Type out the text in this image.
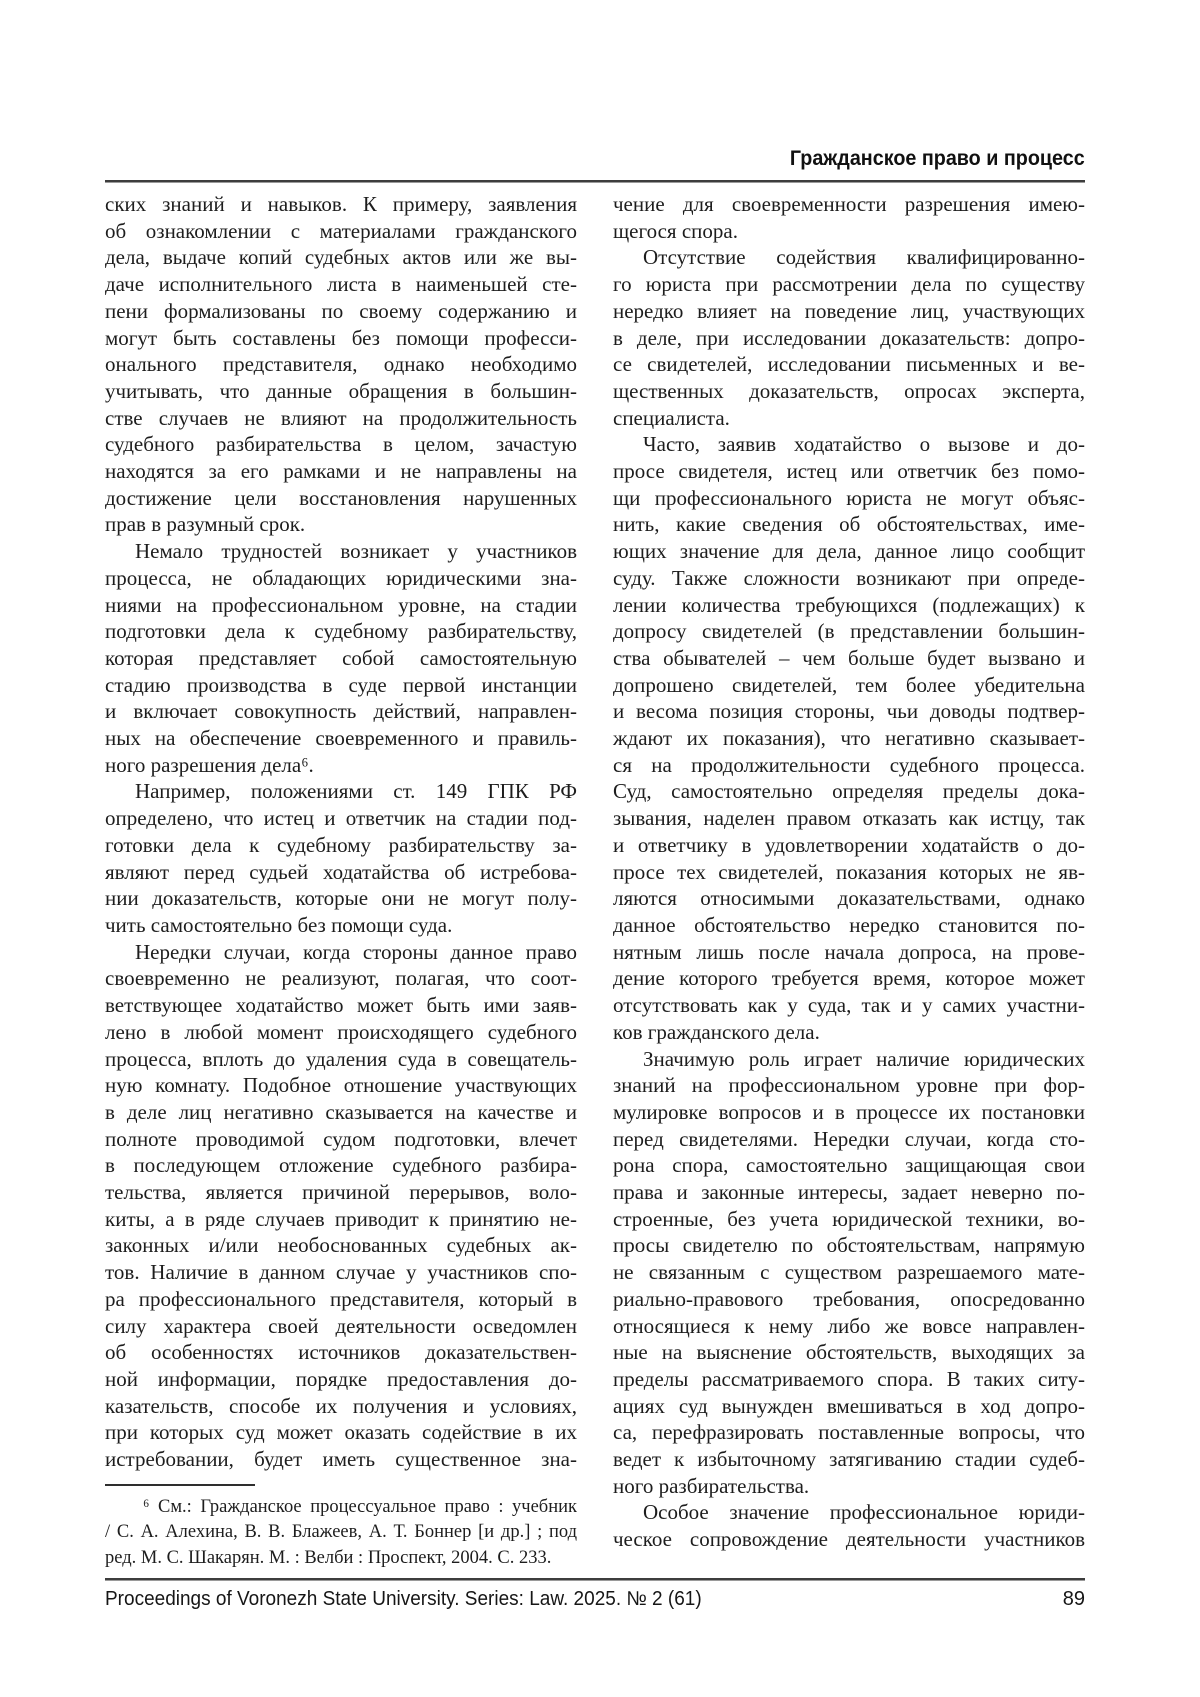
Гражданское право и процесс
ских знаний и навыков. К примеру, заявления
об ознакомлении с материалами гражданского
дела, выдаче копий судебных актов или же вы-
даче исполнительного листа в наименьшей сте-
пени формализованы по своему содержанию и
могут быть составлены без помощи професси-
онального представителя, однако необходимо
учитывать, что данные обращения в большин-
стве случаев не влияют на продолжительность
судебного разбирательства в целом, зачастую
находятся за его рамками и не направлены на
достижение цели восстановления нарушенных
прав в разумный срок.
Немало трудностей возникает у участников
процесса, не обладающих юридическими зна-
ниями на профессиональном уровне, на стадии
подготовки дела к судебному разбирательству,
которая представляет собой самостоятельную
стадию производства в суде первой инстанции
и включает совокупность действий, направлен-
ных на обеспечение своевременного и правиль-
ного разрешения дела⁶.
Например, положениями ст. 149 ГПК РФ
определено, что истец и ответчик на стадии под-
готовки дела к судебному разбирательству за-
являют перед судьей ходатайства об истребова-
нии доказательств, которые они не могут полу-
чить самостоятельно без помощи суда.
Нередки случаи, когда стороны данное право
своевременно не реализуют, полагая, что соот-
ветствующее ходатайство может быть ими заяв-
лено в любой момент происходящего судебного
процесса, вплоть до удаления суда в совещатель-
ную комнату. Подобное отношение участвующих
в деле лиц негативно сказывается на качестве и
полноте проводимой судом подготовки, влечет
в последующем отложение судебного разбира-
тельства, является причиной перерывов, воло-
киты, а в ряде случаев приводит к принятию не-
законных и/или необоснованных судебных ак-
тов. Наличие в данном случае у участников спо-
ра профессионального представителя, который в
силу характера своей деятельности осведомлен
об особенностях источников доказательствен-
ной информации, порядке предоставления до-
казательств, способе их получения и условиях,
при которых суд может оказать содействие в их
истребовании, будет иметь существенное зна-
⁶ См.: Гражданское процессуальное право : учебник
/ С. А. Алехина, В. В. Блажеев, А. Т. Боннер [и др.] ; под
ред. М. С. Шакарян. М. : Велби : Проспект, 2004. С. 233.
чение для своевременности разрешения имею-
щегося спора.
Отсутствие содействия квалифицированно-
го юриста при рассмотрении дела по существу
нередко влияет на поведение лиц, участвующих
в деле, при исследовании доказательств: допро-
се свидетелей, исследовании письменных и ве-
щественных доказательств, опросах эксперта,
специалиста.
Часто, заявив ходатайство о вызове и до-
просе свидетеля, истец или ответчик без помо-
щи профессионального юриста не могут объяс-
нить, какие сведения об обстоятельствах, име-
ющих значение для дела, данное лицо сообщит
суду. Также сложности возникают при опреде-
лении количества требующихся (подлежащих) к
допросу свидетелей (в представлении большин-
ства обывателей – чем больше будет вызвано и
допрошено свидетелей, тем более убедительна
и весома позиция стороны, чьи доводы подтвер-
ждают их показания), что негативно сказывает-
ся на продолжительности судебного процесса.
Суд, самостоятельно определяя пределы дока-
зывания, наделен правом отказать как истцу, так
и ответчику в удовлетворении ходатайств о до-
просе тех свидетелей, показания которых не яв-
ляются относимыми доказательствами, однако
данное обстоятельство нередко становится по-
нятным лишь после начала допроса, на прове-
дение которого требуется время, которое может
отсутствовать как у суда, так и у самих участни-
ков гражданского дела.
Значимую роль играет наличие юридических
знаний на профессиональном уровне при фор-
мулировке вопросов и в процессе их постановки
перед свидетелями. Нередки случаи, когда сто-
рона спора, самостоятельно защищающая свои
права и законные интересы, задает неверно по-
строенные, без учета юридической техники, во-
просы свидетелю по обстоятельствам, напрямую
не связанным с существом разрешаемого мате-
риально-правового требования, опосредованно
относящиеся к нему либо же вовсе направлен-
ные на выяснение обстоятельств, выходящих за
пределы рассматриваемого спора. В таких ситу-
ациях суд вынужден вмешиваться в ход допро-
са, перефразировать поставленные вопросы, что
ведет к избыточному затягиванию стадии судеб-
ного разбирательства.
Особое значение профессиональное юриди-
ческое сопровождение деятельности участников
Proceedings of Voronezh State University. Series: Law. 2025. № 2 (61)	89
